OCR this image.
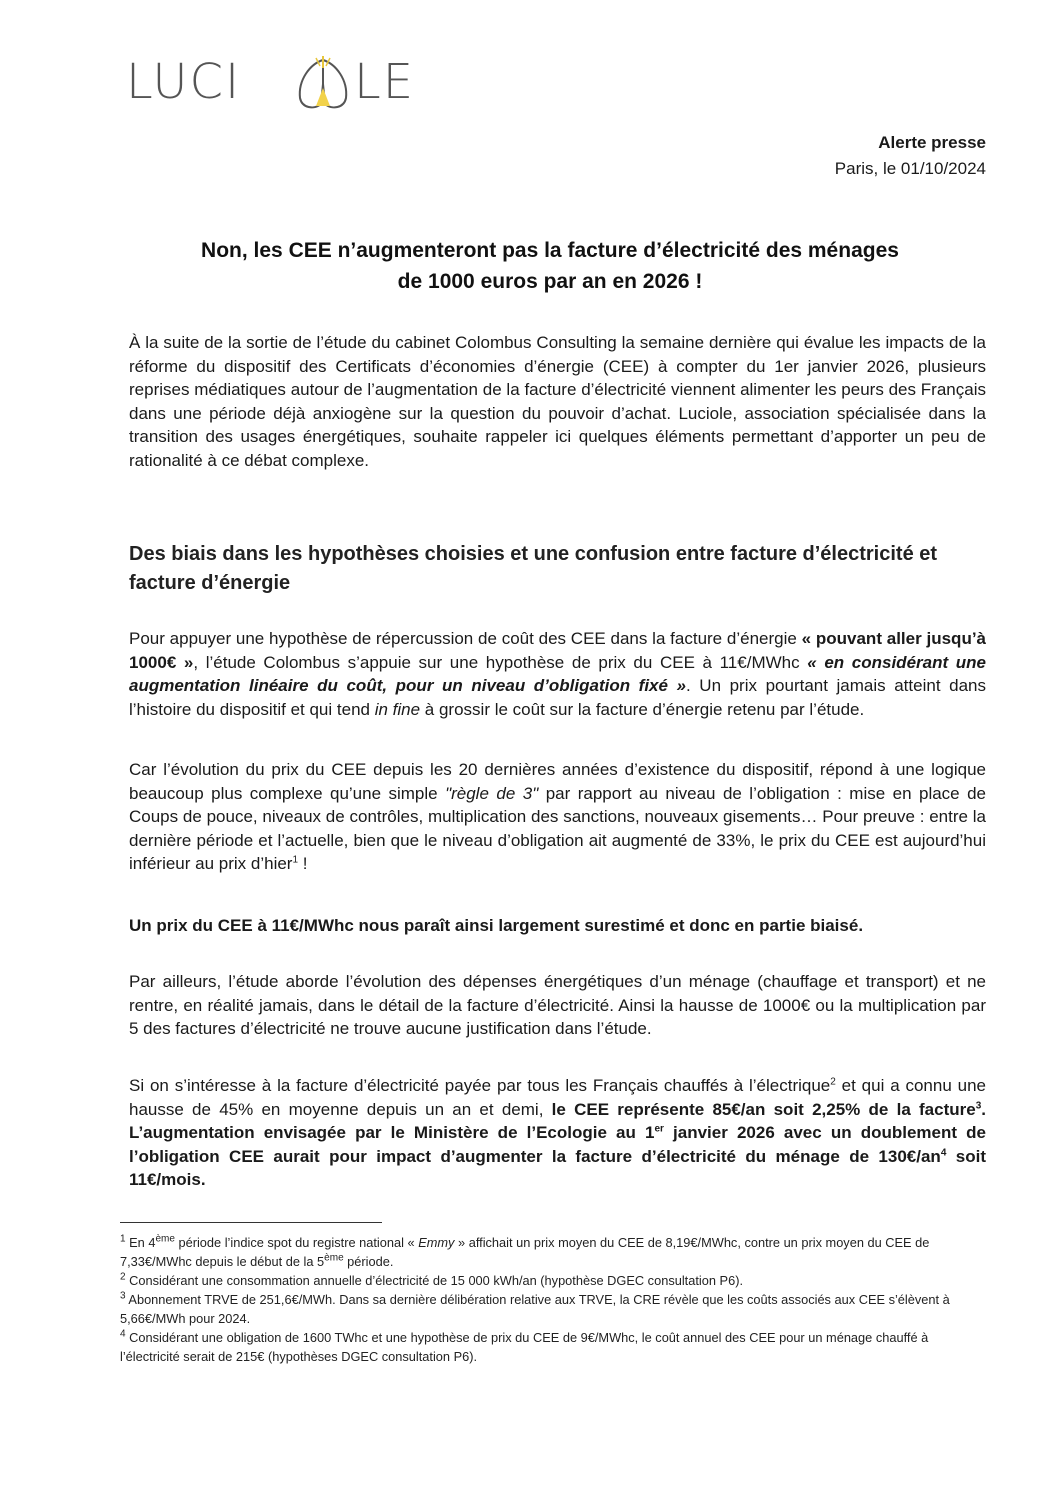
LUCI LE
Alerte presse
Paris, le 01/10/2024
Non, les CEE n’augmenteront pas la facture d’électricité des ménages
de 1000 euros par an en 2026 !

À la suite de la sortie de l’étude du cabinet Colombus Consulting la semaine dernière qui évalue les impacts de la réforme du dispositif des Certificats d’économies d’énergie (CEE) à compter du 1er janvier 2026, plusieurs reprises médiatiques autour de l’augmentation de la facture d’électricité viennent alimenter les peurs des Français dans une période déjà anxiogène sur la question du pouvoir d’achat. Luciole, association spécialisée dans la transition des usages énergétiques, souhaite rappeler ici quelques éléments permettant d’apporter un peu de rationalité à ce débat complexe.

Des biais dans les hypothèses choisies et une confusion entre facture d’électricité et facture d’énergie

Pour appuyer une hypothèse de répercussion de coût des CEE dans la facture d’énergie « pouvant aller jusqu’à 1000€ », l’étude Colombus s’appuie sur une hypothèse de prix du CEE à 11€/MWhc « en considérant une augmentation linéaire du coût, pour un niveau d’obligation fixé ». Un prix pourtant jamais atteint dans l’histoire du dispositif et qui tend in fine à grossir le coût sur la facture d’énergie retenu par l’étude.

Car l’évolution du prix du CEE depuis les 20 dernières années d’existence du dispositif, répond à une logique beaucoup plus complexe qu’une simple "règle de 3" par rapport au niveau de l’obligation : mise en place de Coups de pouce, niveaux de contrôles, multiplication des sanctions, nouveaux gisements… Pour preuve : entre la dernière période et l’actuelle, bien que le niveau d’obligation ait augmenté de 33%, le prix du CEE est aujourd’hui inférieur au prix d’hier$^1$ !

Un prix du CEE à 11€/MWhc nous paraît ainsi largement surestimé et donc en partie biaisé.

Par ailleurs, l’étude aborde l’évolution des dépenses énergétiques d’un ménage (chauffage et transport) et ne rentre, en réalité jamais, dans le détail de la facture d’électricité. Ainsi la hausse de 1000€ ou la multiplication par 5 des factures d’électricité ne trouve aucune justification dans l’étude.

Si on s’intéresse à la facture d’électricité payée par tous les Français chauffés à l’électrique$^2$ et qui a connu une hausse de 45% en moyenne depuis un an et demi, le CEE représente 85€/an soit 2,25% de la facture$^3$. L’augmentation envisagée par le Ministère de l’Ecologie au 1er janvier 2026 avec un doublement de l’obligation CEE aurait pour impact d’augmenter la facture d’électricité du ménage de $130€/an^4$ soit 11€/mois.

$^1$ En 4ème période l’indice spot du registre national « Emmy » affichait un prix moyen du CEE de 8,19€/MWhc, contre un prix moyen du CEE de 7,33€/MWhc depuis le début de la 5ème période.

$^2$ Considérant une consommation annuelle d’électricité de 15 000 kWh/an (hypothèse DGEC consultation P6).

$^3$ Abonnement TRVE de 251,6€/MWh. Dans sa dernière délibération relative aux TRVE, la CRE révèle que les coûts associés aux CEE s’élèvent à 5,66€/MWh pour 2024.

$^4$ Considérant une obligation de 1600 TWhc et une hypothèse de prix du CEE de 9€/MWhc, le coût annuel des CEE pour un ménage chauffé à l’électricité serait de 215€ (hypothèses DGEC consultation P6).
